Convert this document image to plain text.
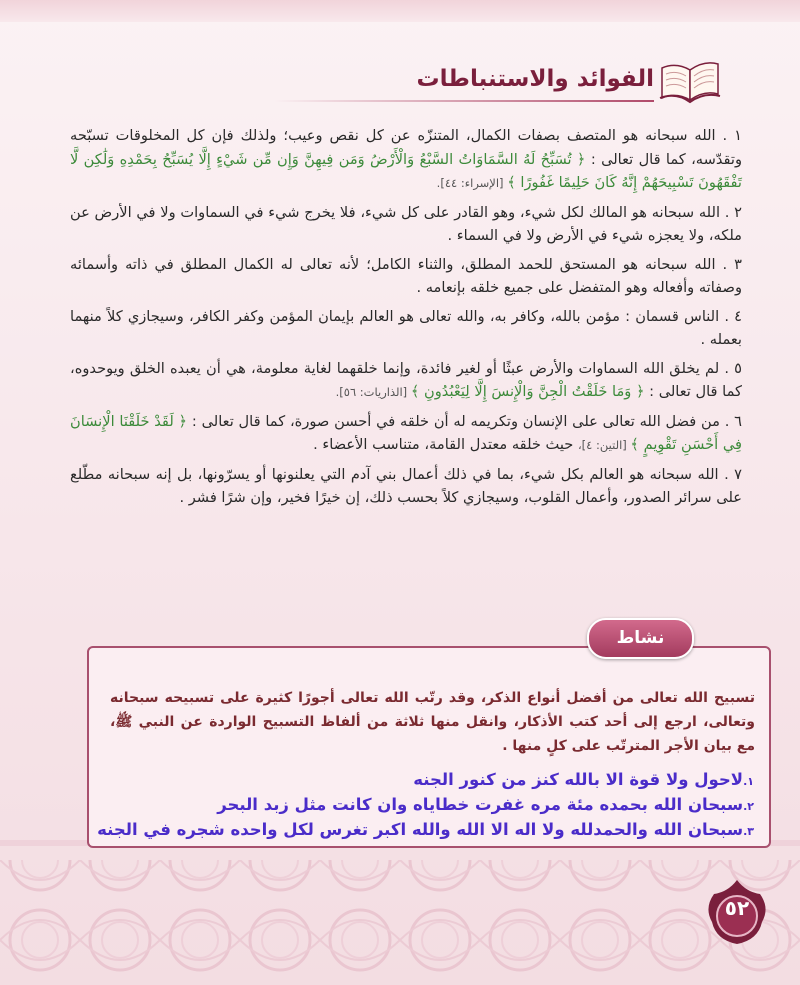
الفوائد والاستنباطات

١ . الله سبحانه هو المتصف بصفات الكمال، المتنزّه عن كل نقص وعيب؛ ولذلك فإن كل المخلوقات تسبّحه وتقدّسه، كما قال تعالى : ﴿ تُسَبِّحُ لَهُ السَّمَاوَاتُ السَّبْعُ وَالْأَرْضُ وَمَن فِيهِنَّ وَإِن مِّن شَيْءٍ إِلَّا يُسَبِّحُ بِحَمْدِهِ وَلَٰكِن لَّا تَفْقَهُونَ تَسْبِيحَهُمْ إِنَّهُ كَانَ حَلِيمًا غَفُورًا ﴾ [الإسراء: ٤٤].

٢ . الله سبحانه هو المالك لكل شيء، وهو القادر على كل شيء، فلا يخرج شيء في السماوات ولا في الأرض عن ملكه، ولا يعجزه شيء في الأرض ولا في السماء .

٣ . الله سبحانه هو المستحق للحمد المطلق، والثناء الكامل؛ لأنه تعالى له الكمال المطلق في ذاته وأسمائه وصفاته وأفعاله وهو المتفضل على جميع خلقه بإنعامه .

٤ . الناس قسمان : مؤمن بالله، وكافر به، والله تعالى هو العالم بإيمان المؤمن وكفر الكافر، وسيجازي كلاً منهما بعمله .

٥ . لم يخلق الله السماوات والأرض عبثًا أو لغير فائدة، وإنما خلقهما لغاية معلومة، هي أن يعبده الخلق ويوحدوه، كما قال تعالى : ﴿ وَمَا خَلَقْتُ الْجِنَّ وَالْإِنسَ إِلَّا لِيَعْبُدُونِ ﴾ [الذاريات: ٥٦].

٦ . من فضل الله تعالى على الإنسان وتكريمه له أن خلقه في أحسن صورة، كما قال تعالى : ﴿ لَقَدْ خَلَقْنَا الْإِنسَانَ فِي أَحْسَنِ تَقْوِيمٍ ﴾ [التين: ٤]، حيث خلقه معتدل القامة، متناسب الأعضاء .

٧ . الله سبحانه هو العالم بكل شيء، بما في ذلك أعمال بني آدم التي يعلنونها أو يسرّونها، بل إنه سبحانه مطّلع على سرائر الصدور، وأعمال القلوب، وسيجازي كلاً بحسب ذلك، إن خيرًا فخير، وإن شرًا فشر .

نشاط
تسبيح الله تعالى من أفضل أنواع الذكر، وقد رتّب الله تعالى أجورًا كثيرة على تسبيحه سبحانه وتعالى، ارجع إلى أحد كتب الأذكار، وانقل منها ثلاثة من ألفاظ التسبيح الواردة عن النبي ﷺ، مع بيان الأجر المترتّب على كلٍ منها .

١.لاحول ولا قوة الا بالله كنز من كنور الجنه

٢.سبحان الله بحمده مئة مره غفرت خطاياه وان كانت مثل زبد البحر

٣.سبحان الله والحمدلله ولا اله الا الله والله اكبر تغرس لكل واحده شجره في الجنه

٥٢
